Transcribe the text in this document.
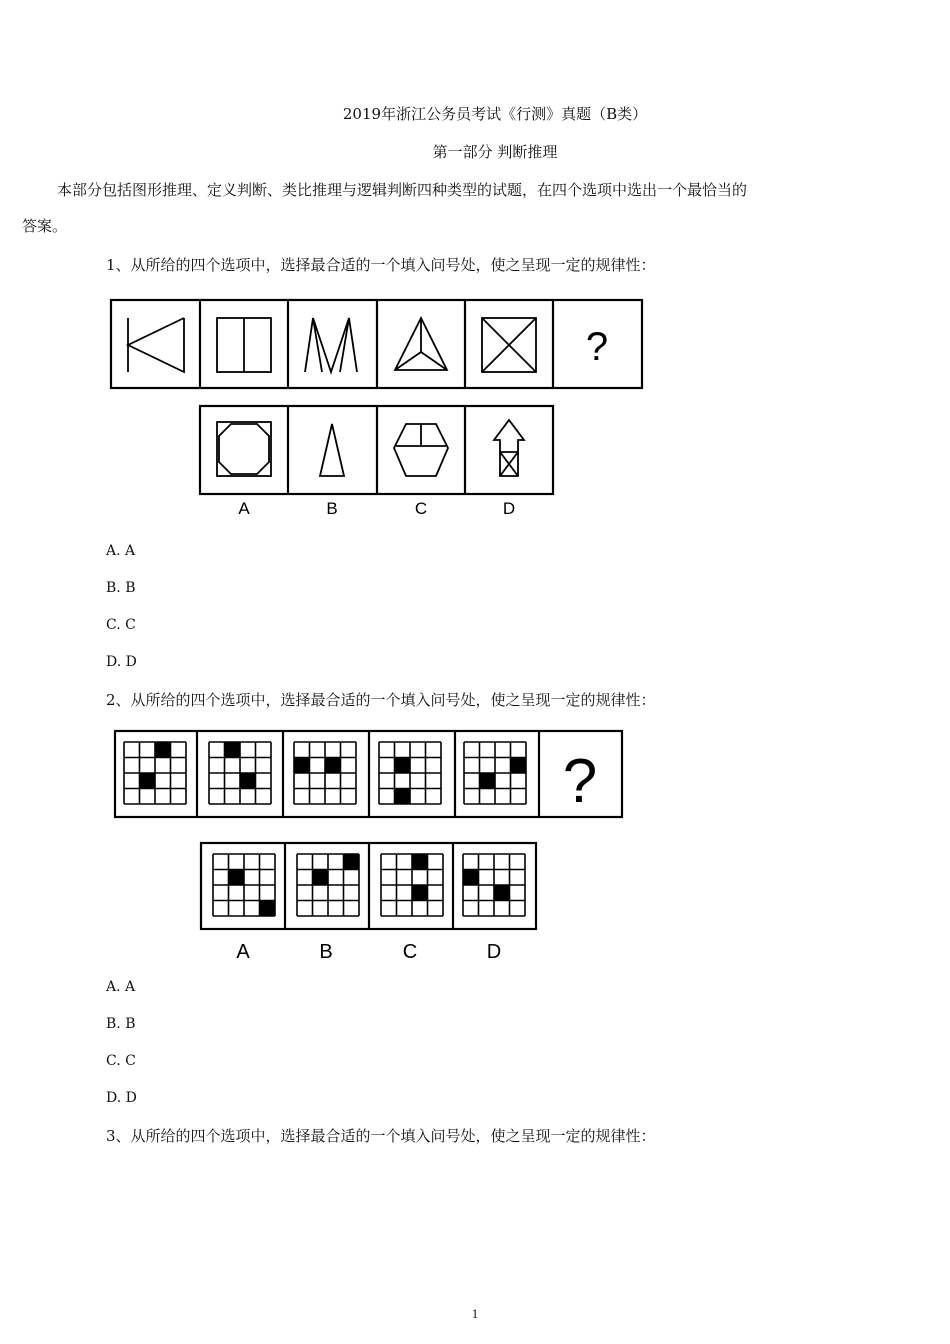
2019年浙江公务员考试《行测》真题（B类）
第一部分 判断推理
本部分包括图形推理、定义判断、类比推理与逻辑判断四种类型的试题，在四个选项中选出一个最恰当的
答案。
1、从所给的四个选项中，选择最合适的一个填入问号处，使之呈现一定的规律性：
?
A	B	C	D
A. A
B. B
C. C
D. D
2、从所给的四个选项中，选择最合适的一个填入问号处，使之呈现一定的规律性：
?
A	B	C	D
A. A
B. B
C. C
D. D
3、从所给的四个选项中，选择最合适的一个填入问号处，使之呈现一定的规律性：
1
